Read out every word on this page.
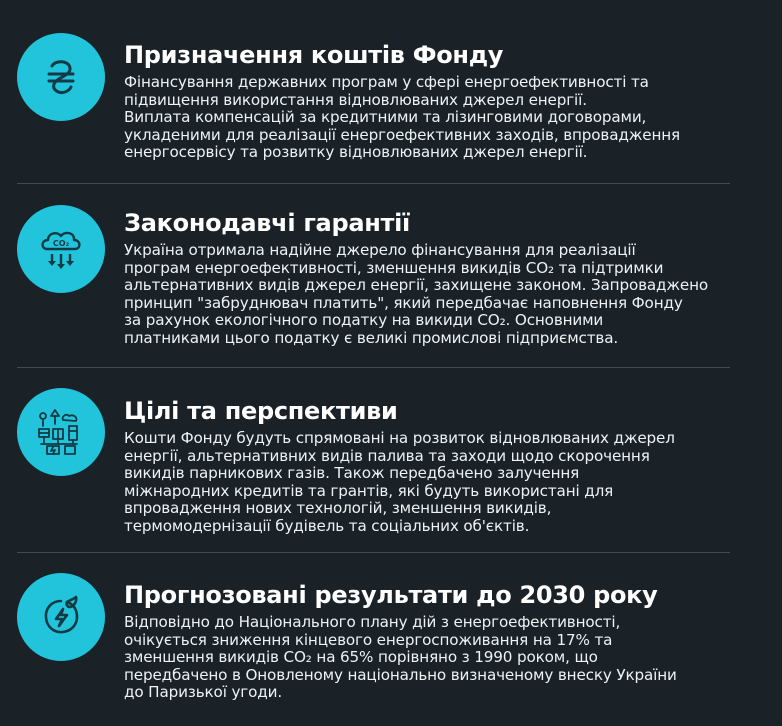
Призначення коштів Фонду

Фінансування державних програм у сфері енергоефективності та
підвищення використання відновлюваних джерел енергії.
Виплата компенсацій за кредитними та лізинговими договорами,
укладеними для реалізації енергоефективних заходів, впровадження
енергосервісу та розвитку відновлюваних джерел енергії.

CO₂
Законодавчі гарантії

Україна отримала надійне джерело фінансування для реалізації
програм енергоефективності, зменшення викидів CO₂ та підтримки
альтернативних видів джерел енергії, захищене законом. Запроваджено
принцип "забруднювач платить", який передбачає наповнення Фонду
за рахунок екологічного податку на викиди CO₂. Основними
платниками цього податку є великі промислові підприємства.

Цілі та перспективи

Кошти Фонду будуть спрямовані на розвиток відновлюваних джерел
енергії, альтернативних видів палива та заходи щодо скорочення
викидів парникових газів. Також передбачено залучення
міжнародних кредитів та грантів, які будуть використані для
впровадження нових технологій, зменшення викидів,
термомодернізації будівель та соціальних об'єктів.

Прогнозовані результати до 2030 року

Відповідно до Національного плану дій з енергоефективності,
очікується зниження кінцевого енергоспоживання на 17% та
зменшення викидів CO₂ на 65% порівняно з 1990 роком, що
передбачено в Оновленому національно визначеному внеску України
до Паризької угоди.
